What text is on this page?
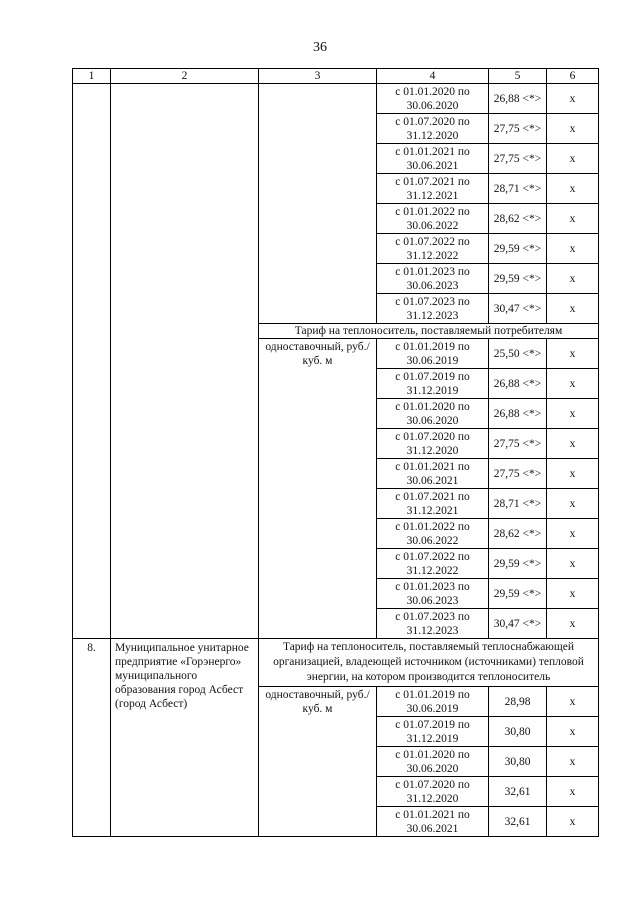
36
1	2	3	4	5	6
			с 01.01.2020 по 30.06.2020	26,88 <*>	x
			с 01.07.2020 по 31.12.2020	27,75 <*>	x
			с 01.01.2021 по 30.06.2021	27,75 <*>	x
			с 01.07.2021 по 31.12.2021	28,71 <*>	x
			с 01.01.2022 по 30.06.2022	28,62 <*>	x
			с 01.07.2022 по 31.12.2022	29,59 <*>	x
			с 01.01.2023 по 30.06.2023	29,59 <*>	x
			с 01.07.2023 по 31.12.2023	30,47 <*>	x
		Тариф на теплоноситель, поставляемый потребителям			
		одноставочный, руб./куб. м	с 01.01.2019 по 30.06.2019	25,50 <*>	x
			с 01.07.2019 по 31.12.2019	26,88 <*>	x
			с 01.01.2020 по 30.06.2020	26,88 <*>	x
			с 01.07.2020 по 31.12.2020	27,75 <*>	x
			с 01.01.2021 по 30.06.2021	27,75 <*>	x
			с 01.07.2021 по 31.12.2021	28,71 <*>	x
			с 01.01.2022 по 30.06.2022	28,62 <*>	x
			с 01.07.2022 по 31.12.2022	29,59 <*>	x
			с 01.01.2023 по 30.06.2023	29,59 <*>	x
			с 01.07.2023 по 31.12.2023	30,47 <*>	x
8.	Муниципальное унитарное предприятие «Горэнерго» муниципального образования город Асбест (город Асбест)	Тариф на теплоноситель, поставляемый теплоснабжающей организацией, владеющей источником (источниками) тепловой энергии, на котором производится теплоноситель			
		одноставочный, руб./куб. м	с 01.01.2019 по 30.06.2019	28,98	x
			с 01.07.2019 по 31.12.2019	30,80	x
			с 01.01.2020 по 30.06.2020	30,80	x
			с 01.07.2020 по 31.12.2020	32,61	x
			с 01.01.2021 по 30.06.2021	32,61	x
